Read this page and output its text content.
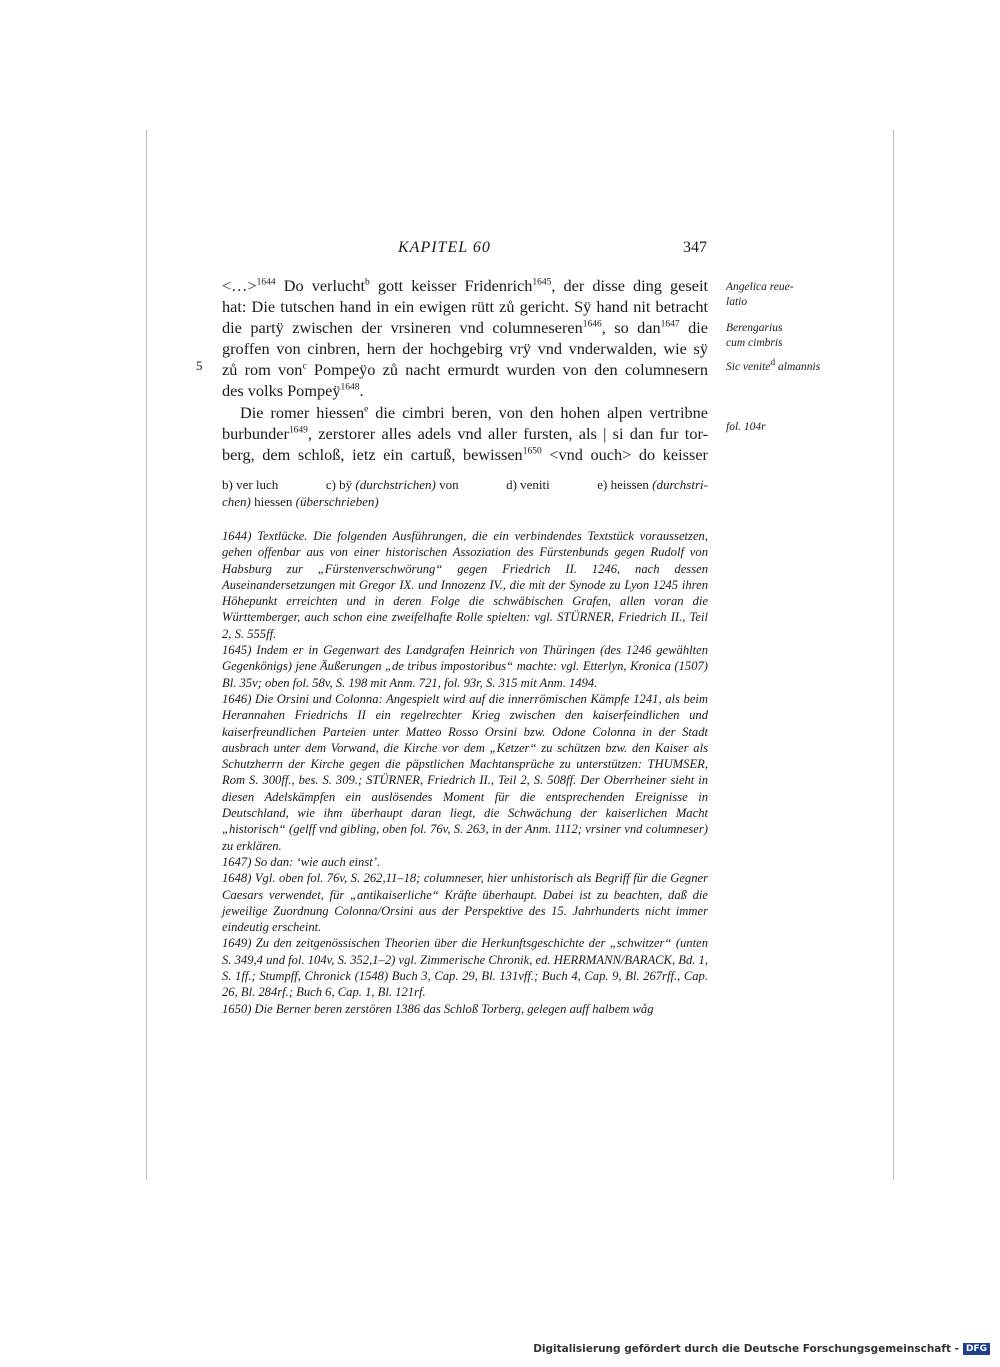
KAPITEL 60	347

<…>$^{1644}$ Do verlucht$^b$ gott keisser Fridenrich$^{1645}$, der disse ding geseit
hat: Die tutschen hand in ein ewigen rütt zů gericht. Sÿ hand nit betracht
die partÿ zwischen der vrsineren vnd columneseren$^{1646}$, so dan$^{1647}$ die
groffen von cinbren, hern der hochgebirg vrÿ vnd vnderwalden, wie sÿ
zů rom von$^c$ Pompeÿo zů nacht ermurdt wurden von den columnesern
des volks Pompeÿ$^{1648}$.

Die romer hiessen$^e$ die cimbri beren, von den hohen alpen vertribne
burbunder$^{1649}$, zerstorer alles adels vnd aller fursten, als | si dan fur tor-
berg, dem schloß, ietz ein cartuß, bewissen$^{1650}$ <vnd ouch> do keisser

5
Angelica reue-
latio
Berengarius
cum cimbris
Sic venite$^d$ almannis
fol. 104r
b) ver luch	c) bÿ (durchstrichen) von	d) veniti	e) heissen (durchstri-
chen) hiessen (überschrieben)

1644) Textlücke. Die folgenden Ausführungen, die ein verbindendes Textstück voraussetzen, gehen offenbar aus von einer historischen Assoziation des Fürstenbunds gegen Rudolf von Habsburg zur „Fürstenverschwörung“ gegen Friedrich II. 1246, nach dessen Auseinandersetzungen mit Gregor IX. und Innozenz IV., die mit der Synode zu Lyon 1245 ihren Höhepunkt erreichten und in deren Folge die schwäbischen Grafen, allen voran die Württemberger, auch schon eine zweifelhafte Rolle spielten: vgl. STÜRNER, Friedrich II., Teil 2, S. 555ff.

1645) Indem er in Gegenwart des Landgrafen Heinrich von Thüringen (des 1246 gewählten Gegenkönigs) jene Äußerungen „de tribus impostoribus“ machte: vgl. Etterlyn, Kronica (1507) Bl. 35v; oben fol. 58v, S. 198 mit Anm. 721, fol. 93r, S. 315 mit Anm. 1494.

1646) Die Orsini und Colonna: Angespielt wird auf die innerrömischen Kämpfe 1241, als beim Herannahen Friedrichs II ein regelrechter Krieg zwischen den kaiserfeindlichen und kaiserfreundlichen Parteien unter Matteo Rosso Orsini bzw. Odone Colonna in der Stadt ausbrach unter dem Vorwand, die Kirche vor dem „Ketzer“ zu schützen bzw. den Kaiser als Schutzherrn der Kirche gegen die päpstlichen Machtansprüche zu unterstützen: THUMSER, Rom S. 300ff., bes. S. 309.; STÜRNER, Friedrich II., Teil 2, S. 508ff. Der Oberrheiner sieht in diesen Adelskämpfen ein auslösendes Moment für die entsprechenden Ereignisse in Deutschland, wie ihm überhaupt daran liegt, die Schwächung der kaiserlichen Macht „historisch“ (gelff vnd gibling, oben fol. 76v, S. 263, in der Anm. 1112; vrsiner vnd columneser) zu erklären.

1647) So dan: ‘wie auch einst’.

1648) Vgl. oben fol. 76v, S. 262,11–18; columneser, hier unhistorisch als Begriff für die Gegner Caesars verwendet, für „antikaiserliche“ Kräfte überhaupt. Dabei ist zu beachten, daß die jeweilige Zuordnung Colonna/Orsini aus der Perspektive des 15. Jahrhunderts nicht immer eindeutig erscheint.

1649) Zu den zeitgenössischen Theorien über die Herkunftsgeschichte der „schwitzer“ (unten S. 349,4 und fol. 104v, S. 352,1–2) vgl. Zimmerische Chronik, ed. HERRMANN/BARACK, Bd. 1, S. 1ff.; Stumpff, Chronick (1548) Buch 3, Cap. 29, Bl. 131vff.; Buch 4, Cap. 9, Bl. 267rff., Cap. 26, Bl. 284rf.; Buch 6, Cap. 1, Bl. 121rf.

1650) Die Berner beren zerstören 1386 das Schloß Torberg, gelegen auff halbem wåg

Digitalisierung gefördert durch die Deutsche Forschungsgemeinschaft - DFG
